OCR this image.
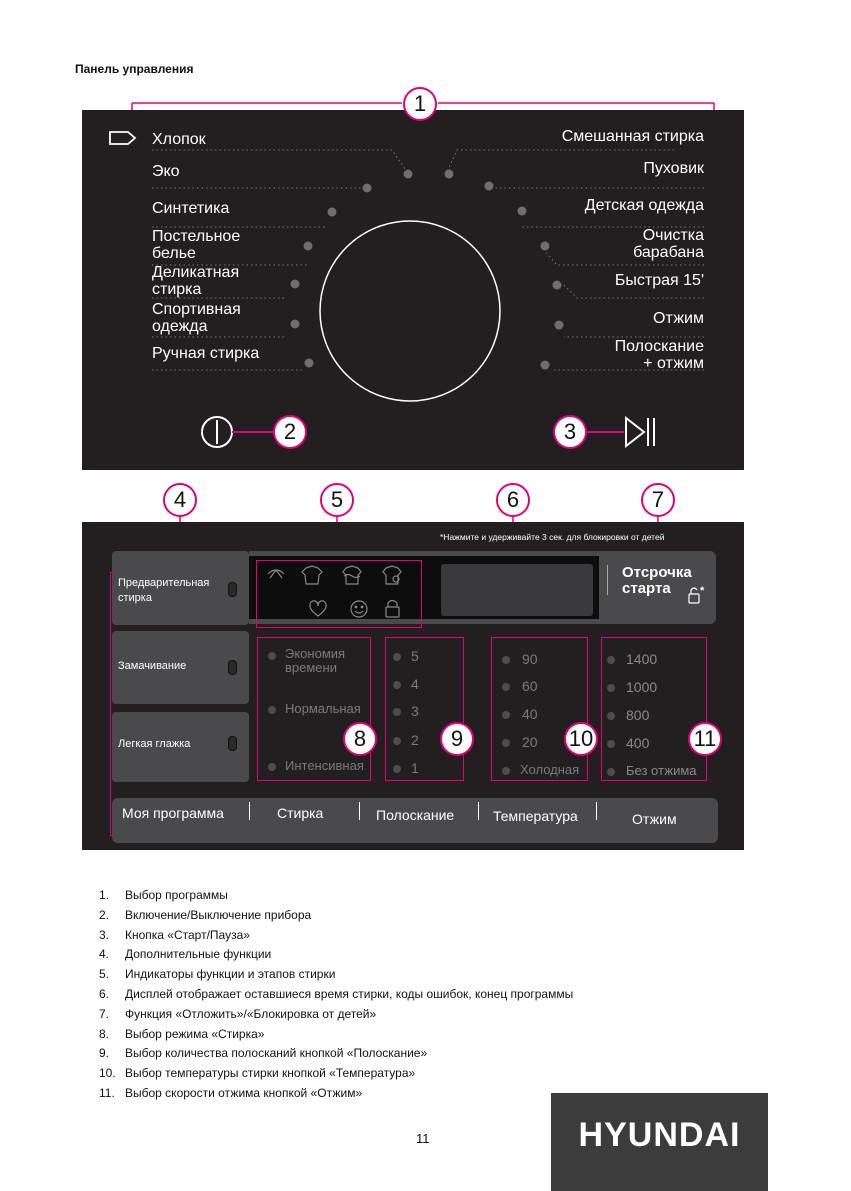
Панель управления
Хлопок
Эко
Синтетика
Постельное
белье
Деликатная
стирка
Спортивная
одежда
Ручная стирка
Смешанная стирка
Пуховик
Детская одежда
Очистка
барабана
Быстрая 15'
Отжим
Полоскание
+ отжим
1
2	3
4	5	6	7
*Нажмите и удерживайте 3 сек. для блокировки от детей
Предварительная
стирка
Замачивание
Легкая глажка
Отсрочка
старта	*
Экономия
времени
Нормальная
Интенсивная
5
4
3
2
1
90
60
40
20
Холодная
1400
1000
800
400
Без отжима
Моя программа	Стирка	Полоскание	Температура	Отжим
8	9	10	11
1. Выбор программы
2. Включение/Выключение прибора
3. Кнопка «Старт/Пауза»
4. Дополнительные функции
5. Индикаторы функции и этапов стирки
6. Дисплей отображает оставшиеся время стирки, коды ошибок, конец программы
7. Функция «Отложить»/«Блокировка от детей»
8. Выбор режима «Стирка»
9. Выбор количества полосканий кнопкой «Полоскание»
10. Выбор температуры стирки кнопкой «Температура»
11. Выбор скорости отжима кнопкой «Отжим»
11	HYUNDAI
